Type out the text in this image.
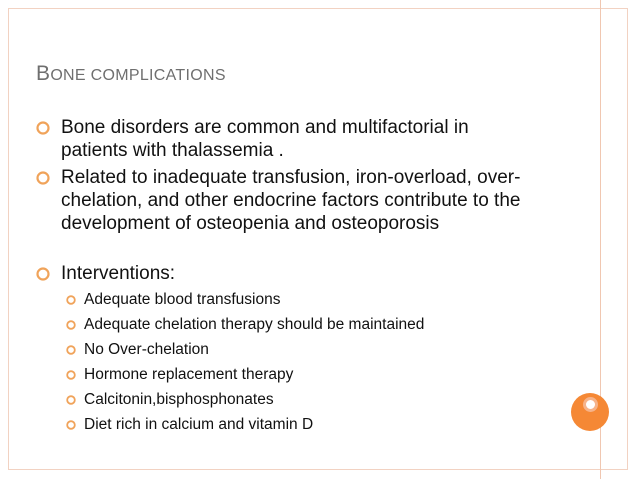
BONE COMPLICATIONS
Bone disorders are common and multifactorial in patients with thalassemia .
Related to inadequate transfusion, iron-overload, over-chelation, and other endocrine factors contribute to the development of osteopenia and osteoporosis
Interventions:
Adequate blood transfusions
Adequate chelation therapy should be maintained
No Over-chelation
Hormone replacement therapy
Calcitonin,bisphosphonates
Diet rich in calcium and vitamin D
